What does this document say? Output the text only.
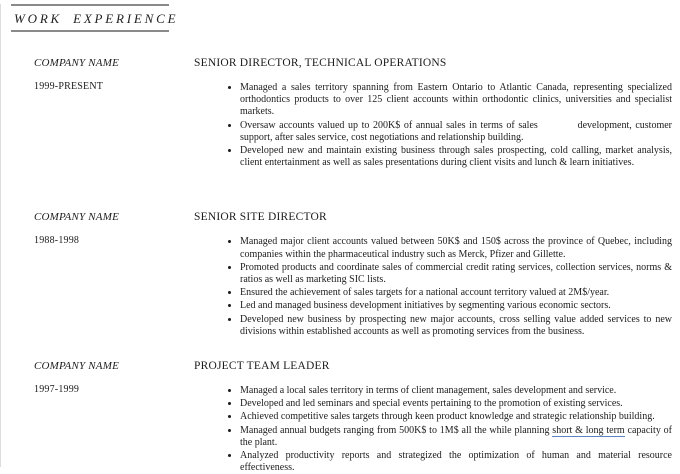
WORK EXPERIENCE
COMPANY NAME
1999-PRESENT
SENIOR DIRECTOR, TECHNICAL OPERATIONS
• Managed a sales territory spanning from Eastern Ontario to Atlantic Canada, representing specialized orthodontics products to over 125 client accounts within orthodontic clinics, universities and specialist markets.
• Oversaw accounts valued up to 200K$ of annual sales in terms of sales           development, customer support, after sales service, cost negotiations and relationship building.
• Developed new and maintain existing business through sales prospecting, cold calling, market analysis, client entertainment as well as sales presentations during client visits and lunch & learn initiatives.
COMPANY NAME
1988-1998
SENIOR SITE DIRECTOR
• Managed major client accounts valued between 50K$ and 150$ across the province of Quebec, including companies within the pharmaceutical industry such as Merck, Pfizer and Gillette.
• Promoted products and coordinate sales of commercial credit rating services, collection services, norms & ratios as well as marketing SIC lists.
• Ensured the achievement of sales targets for a national account territory valued at 2M$/year.
• Led and managed business development initiatives by segmenting various economic sectors.
• Developed new business by prospecting new major accounts, cross selling value added services to new divisions within established accounts as well as promoting services from the business.
COMPANY NAME
1997-1999
PROJECT TEAM LEADER
• Managed a local sales territory in terms of client management, sales development and service.
• Developed and led seminars and special events pertaining to the promotion of existing services.
• Achieved competitive sales targets through keen product knowledge and strategic relationship building.
• Managed annual budgets ranging from 500K$ to 1M$ all the while planning short & long term capacity of the plant.
• Analyzed productivity reports and strategized the optimization of human and material resource effectiveness.
